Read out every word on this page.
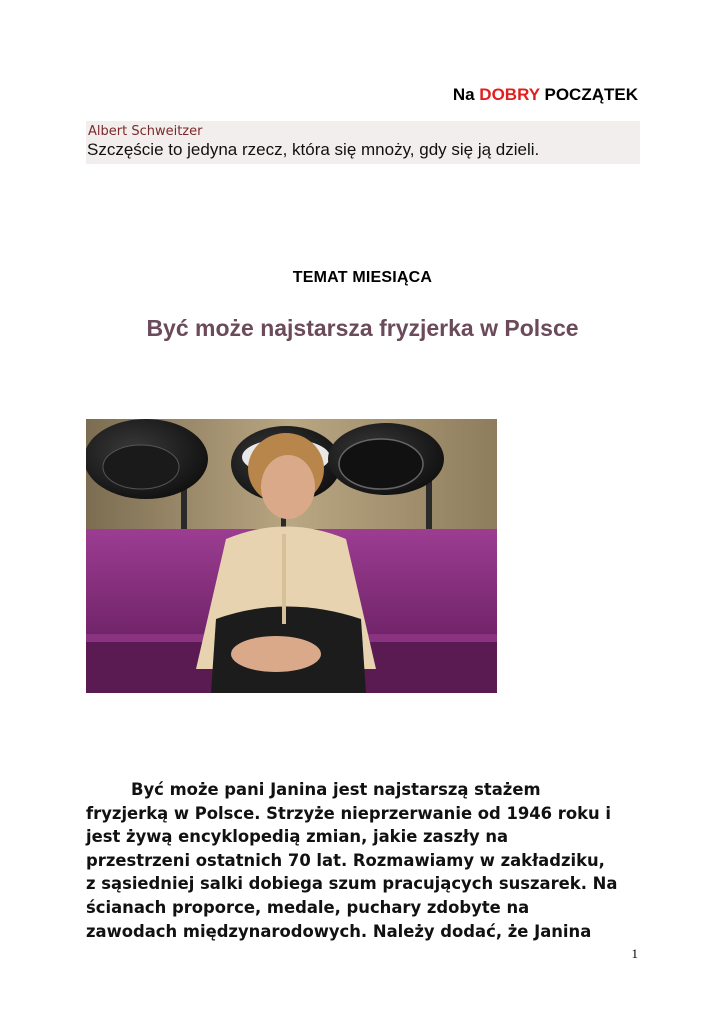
Na DOBRY POCZĄTEK
Albert Schweitzer
Szczęście to jedyna rzecz, która się mnoży, gdy się ją dzieli.
TEMAT MIESIĄCA
Być może najstarsza fryzjerka w Polsce
Być może pani Janina jest najstarszą stażem
fryzjerką w Polsce. Strzyże nieprzerwanie od 1946 roku i
jest żywą encyklopedią zmian, jakie zaszły na
przestrzeni ostatnich 70 lat. Rozmawiamy w zakładziku,
z sąsiedniej salki dobiega szum pracujących suszarek. Na
ścianach proporce, medale, puchary zdobyte na
zawodach międzynarodowych. Należy dodać, że Janina
1
